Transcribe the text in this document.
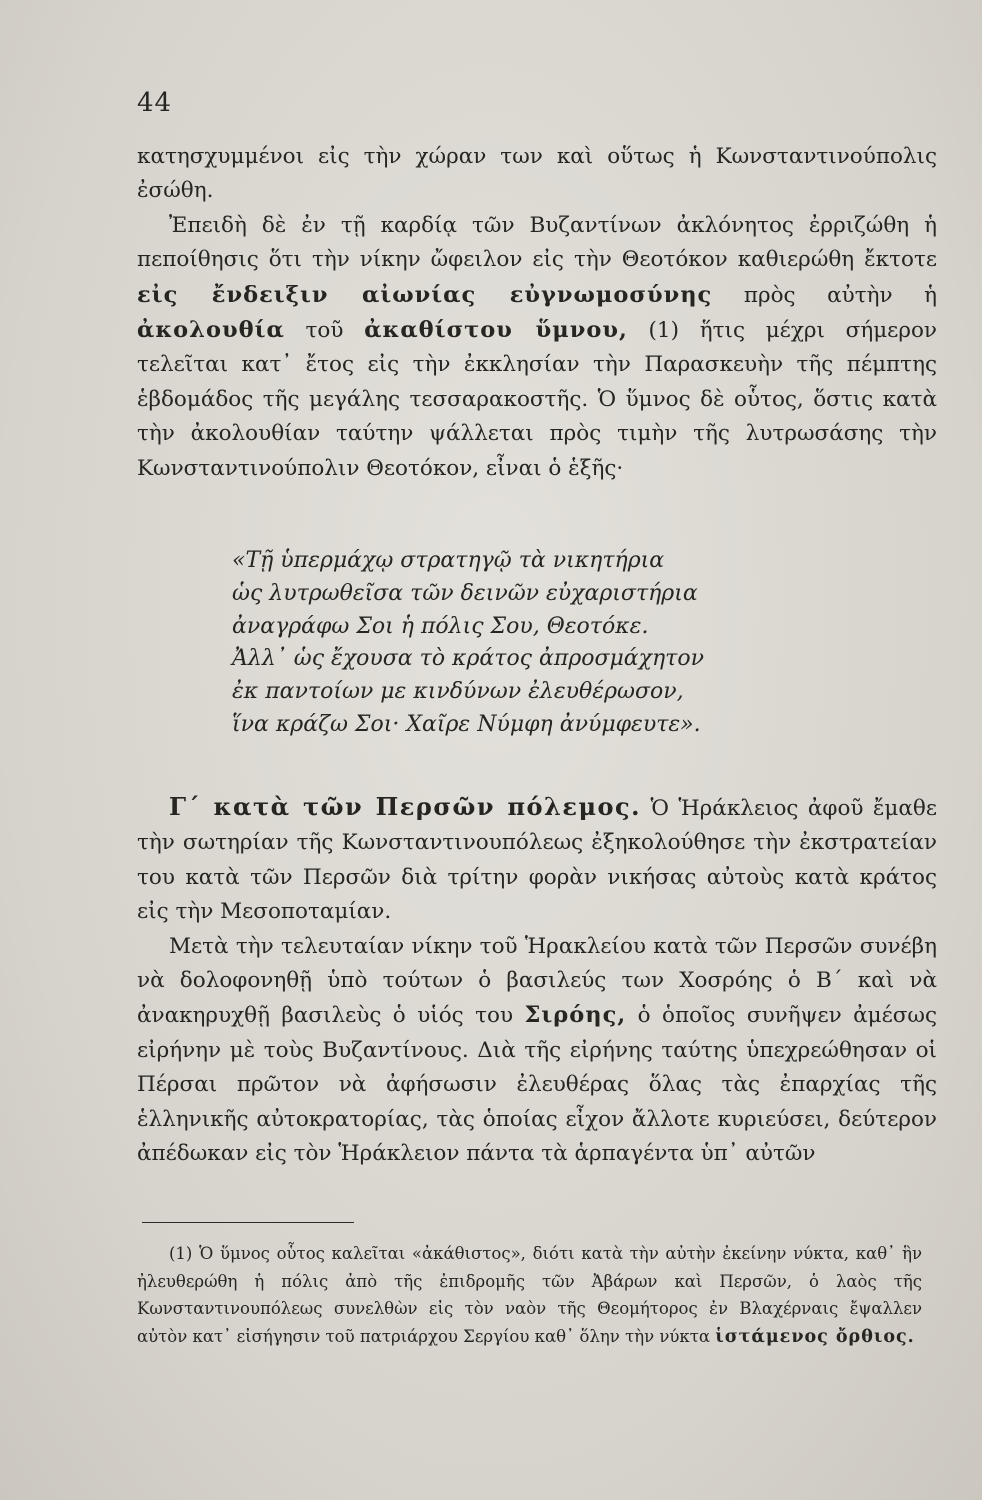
44

κατησχυμμένοι εἰς τὴν χώραν των καὶ οὕτως ἡ Κωνσταντινούπολις ἐσώθη.

Ἐπειδὴ δὲ ἐν τῇ καρδίᾳ τῶν Βυζαντίνων ἀκλόνητος ἐρριζώθη ἡ πεποίθησις ὅτι τὴν νίκην ὤφειλον εἰς τὴν Θεοτόκον καθιερώθη ἔκτοτε εἰς ἔνδειξιν αἰωνίας εὐγνωμοσύνης πρὸς αὐτὴν ἡ ἀκολουθία τοῦ ἀκαθίστου ὕμνου, (1) ἥτις μέχρι σήμερον τελεῖται κατ᾽ ἔτος εἰς τὴν ἐκκλησίαν τὴν Παρασκευὴν τῆς πέμπτης ἑβδομάδος τῆς μεγάλης τεσσαρακοστῆς. Ὁ ὕμνος δὲ οὗτος, ὅστις κατὰ τὴν ἀκολουθίαν ταύτην ψάλλεται πρὸς τιμὴν τῆς λυτρωσάσης τὴν Κωνσταντινούπολιν Θεοτόκον, εἶναι ὁ ἑξῆς·

«Τῇ ὑπερμάχῳ στρατηγῷ τὰ νικητήρια
ὡς λυτρωθεῖσα τῶν δεινῶν εὐχαριστήρια
ἀναγράφω Σοι ἡ πόλις Σου, Θεοτόκε.
Ἀλλ᾽ ὡς ἔχουσα τὸ κράτος ἀπροσμάχητον
ἐκ παντοίων με κινδύνων ἐλευθέρωσον,
ἵνα κράζω Σοι· Χαῖρε Νύμφη ἀνύμφευτε».

Γ´ κατὰ τῶν Περσῶν πόλεμος. Ὁ Ἡράκλειος ἀφοῦ ἔμαθε τὴν σωτηρίαν τῆς Κωνσταντινουπόλεως ἐξηκολούθησε τὴν ἐκστρατείαν του κατὰ τῶν Περσῶν διὰ τρίτην φορὰν νικήσας αὐτοὺς κατὰ κράτος εἰς τὴν Μεσοποταμίαν.

Μετὰ τὴν τελευταίαν νίκην τοῦ Ἡρακλείου κατὰ τῶν Περσῶν συνέβη νὰ δολοφονηθῇ ὑπὸ τούτων ὁ βασιλεύς των Χοσρόης ὁ Β´ καὶ νὰ ἀνακηρυχθῇ βασιλεὺς ὁ υἱός του Σιρόης, ὁ ὁποῖος συνῆψεν ἀμέσως εἰρήνην μὲ τοὺς Βυζαντίνους. Διὰ τῆς εἰρήνης ταύτης ὑπεχρεώθησαν οἱ Πέρσαι πρῶτον νὰ ἀφήσωσιν ἐλευθέρας ὅλας τὰς ἐπαρχίας τῆς ἑλληνικῆς αὐτοκρατορίας, τὰς ὁποίας εἶχον ἄλλοτε κυριεύσει, δεύτερον ἀπέδωκαν εἰς τὸν Ἡράκλειον πάντα τὰ ἁρπαγέντα ὑπ᾽ αὐτῶν

(1) Ὁ ὕμνος οὗτος καλεῖται «ἀκάθιστος», διότι κατὰ τὴν αὐτὴν ἐκείνην νύκτα, καθ᾽ ἣν ἠλευθερώθη ἡ πόλις ἀπὸ τῆς ἐπιδρομῆς τῶν Ἀβάρων καὶ Περσῶν, ὁ λαὸς τῆς Κωνσταντινουπόλεως συνελθὼν εἰς τὸν ναὸν τῆς Θεομήτορος ἐν Βλαχέρναις ἔψαλλεν αὐτὸν κατ᾽ εἰσήγησιν τοῦ πατριάρχου Σεργίου καθ᾽ ὅλην τὴν νύκτα ἱστάμενος ὄρθιος.
